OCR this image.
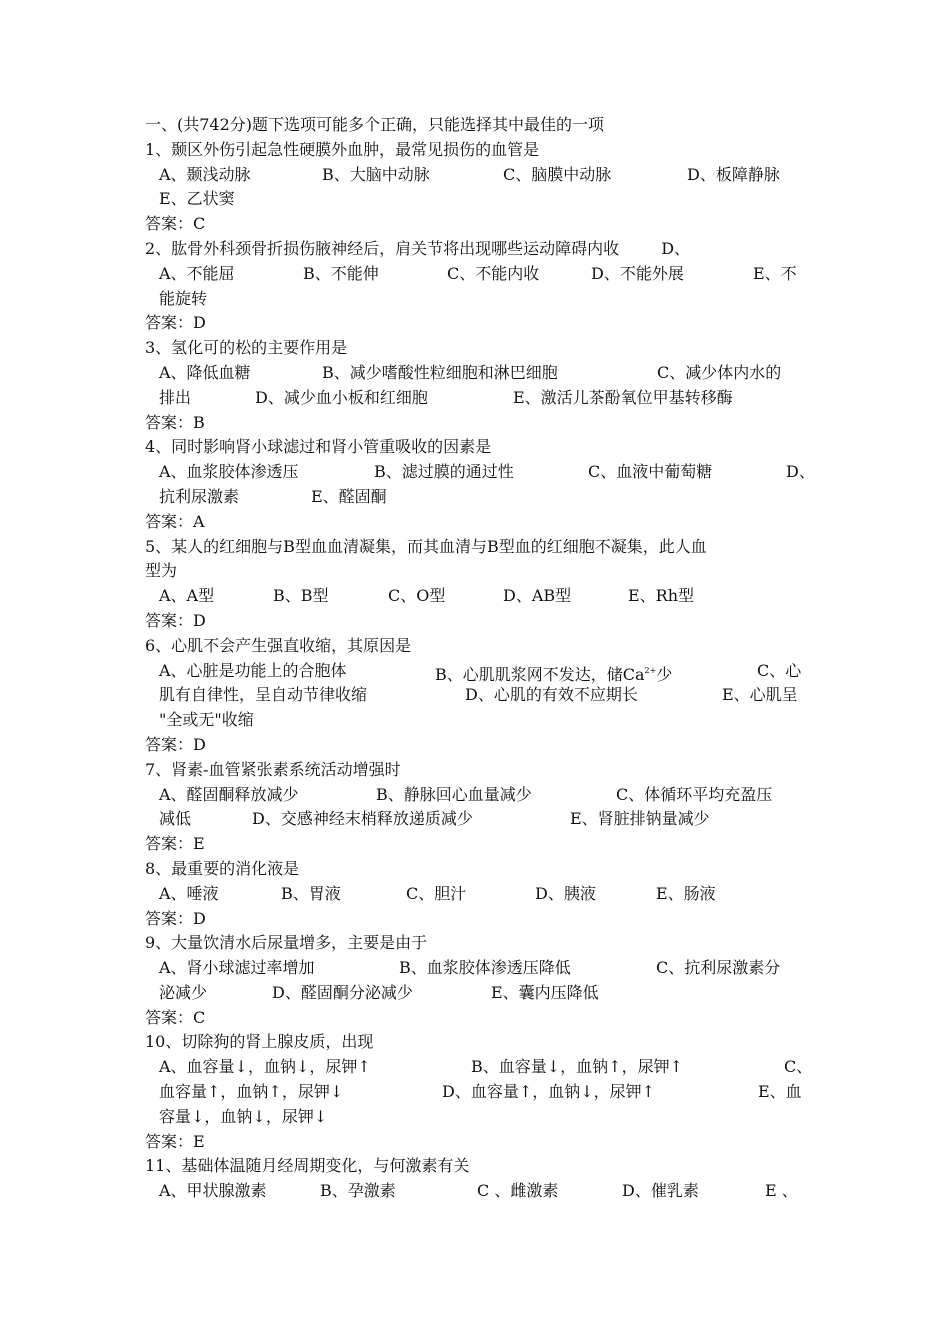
一、(共742分)题下选项可能多个正确，只能选择其中最佳的一项
1、颞区外伤引起急性硬膜外血肿，最常见损伤的血管是
A、颞浅动脉	B、大脑中动脉	C、脑膜中动脉	D、板障静脉
E、乙状窦
答案：C
2、肱骨外科颈骨折损伤腋神经后，肩关节将出现哪些运动障碍内收	D、
A、不能屈	B、不能伸	C、不能内收	D、不能外展	E、不
能旋转
答案：D
3、氢化可的松的主要作用是
A、降低血糖	B、减少嗜酸性粒细胞和淋巴细胞	C、减少体内水的
排出	D、减少血小板和红细胞	E、激活儿茶酚氧位甲基转移酶
答案：B
4、同时影响肾小球滤过和肾小管重吸收的因素是
A、血浆胶体渗透压	B、滤过膜的通过性	C、血液中葡萄糖	D、
抗利尿激素	E、醛固酮
答案：A
5、某人的红细胞与B型血血清凝集，而其血清与B型血的红细胞不凝集，此人血
型为
A、A型	B、B型	C、O型	D、AB型	E、Rh型
答案：D
6、心肌不会产生强直收缩，其原因是
A、心脏是功能上的合胞体	B、心肌肌浆网不发达，储$Ca^{2+}$少	C、心
肌有自律性，呈自动节律收缩	D、心肌的有效不应期长	E、心肌呈
"全或无"收缩
答案：D
7、肾素-血管紧张素系统活动增强时
A、醛固酮释放减少	B、静脉回心血量减少	C、体循环平均充盈压
减低	D、交感神经末梢释放递质减少	E、肾脏排钠量减少
答案：E
8、最重要的消化液是
A、唾液	B、胃液	C、胆汁	D、胰液	E、肠液
答案：D
9、大量饮清水后尿量增多，主要是由于
A、肾小球滤过率增加	B、血浆胶体渗透压降低	C、抗利尿激素分
泌减少	D、醛固酮分泌减少	E、囊内压降低
答案：C
10、切除狗的肾上腺皮质，出现
A、血容量↓，血钠↓，尿钾↑	B、血容量↓，血钠↑，尿钾↑	C、
血容量↑，血钠↑，尿钾↓	D、血容量↑，血钠↓，尿钾↑	E、血
容量↓，血钠↓，尿钾↓
答案：E
11、基础体温随月经周期变化，与何激素有关
A、甲状腺激素	B、孕激素	C 、雌激素	D、催乳素	E 、
